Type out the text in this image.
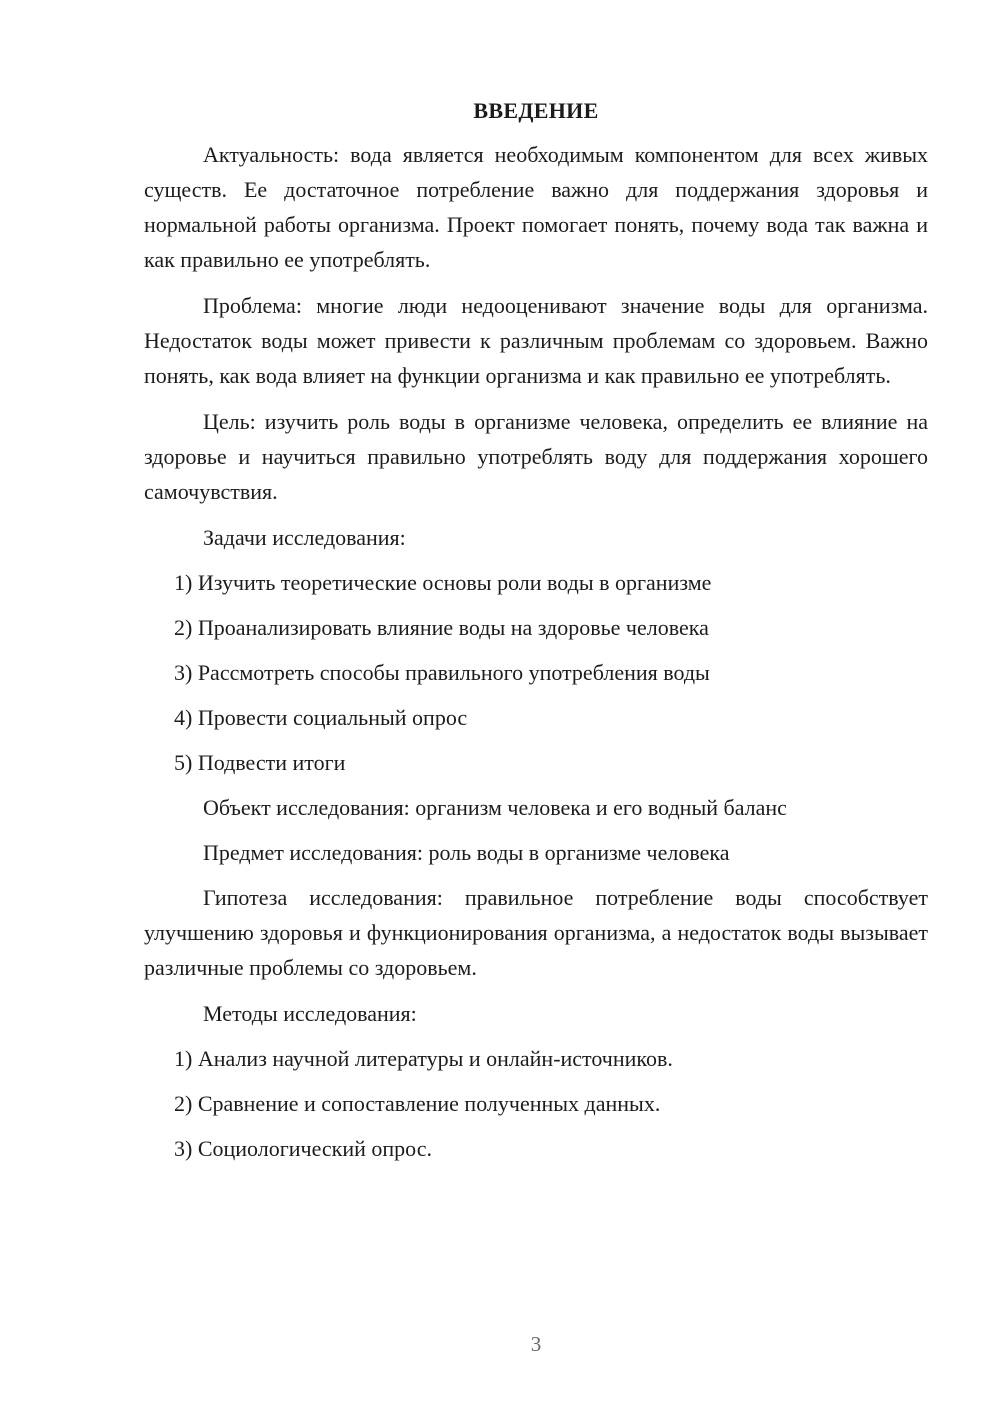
ВВЕДЕНИЕ
Актуальность: вода является необходимым компонентом для всех живых существ. Ее достаточное потребление важно для поддержания здоровья и нормальной работы организма. Проект помогает понять, почему вода так важна и как правильно ее употреблять.
Проблема: многие люди недооценивают значение воды для организма. Недостаток воды может привести к различным проблемам со здоровьем. Важно понять, как вода влияет на функции организма и как правильно ее употреблять.
Цель: изучить роль воды в организме человека, определить ее влияние на здоровье и научиться правильно употреблять воду для поддержания хорошего самочувствия.
Задачи исследования:
1) Изучить теоретические основы роли воды в организме
2) Проанализировать влияние воды на здоровье человека
3) Рассмотреть способы правильного употребления воды
4) Провести социальный опрос
5) Подвести итоги
Объект исследования: организм человека и его водный баланс
Предмет исследования: роль воды в организме человека
Гипотеза исследования: правильное потребление воды способствует улучшению здоровья и функционирования организма, а недостаток воды вызывает различные проблемы со здоровьем.
Методы исследования:
1) Анализ научной литературы и онлайн-источников.
2) Сравнение и сопоставление полученных данных.
3) Социологический опрос.
3
